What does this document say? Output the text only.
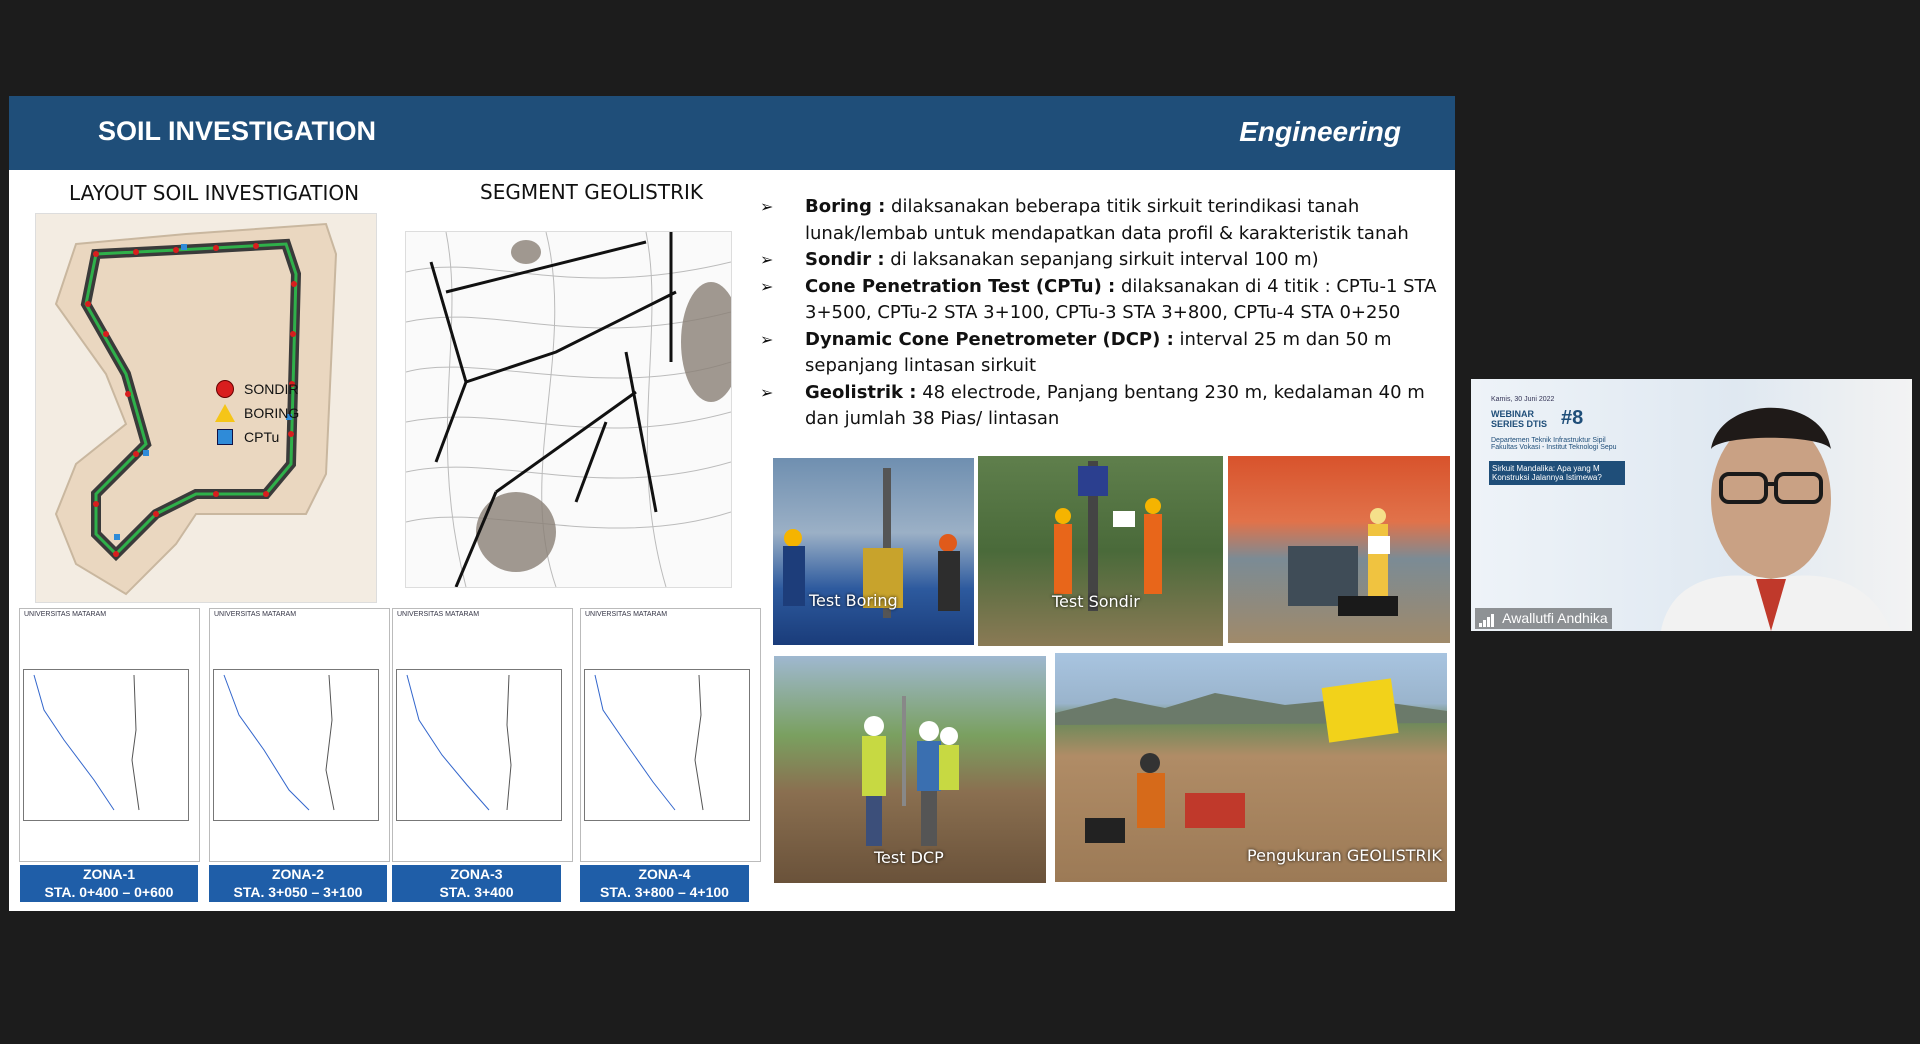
SOIL INVESTIGATION	Engineering
LAYOUT SOIL INVESTIGATION
SONDIR
BORING
CPTu
SEGMENT GEOLISTRIK
➢	Boring : dilaksanakan beberapa titik sirkuit terindikasi tanah lunak/lembab untuk mendapatkan data profil & karakteristik tanah
➢	Sondir : di laksanakan sepanjang sirkuit interval 100 m)
➢	Cone Penetration Test (CPTu) : dilaksanakan di 4 titik : CPTu-1 STA 3+500, CPTu-2 STA 3+100, CPTu-3 STA 3+800, CPTu-4 STA 0+250
➢	Dynamic Cone Penetrometer (DCP) : interval 25 m dan 50 m sepanjang lintasan sirkuit
➢	Geolistrik : 48 electrode, Panjang bentang 230 m, kedalaman 40 m dan jumlah 38 Pias/ lintasan
Test Boring	Test Sondir
Test DCP	Pengukuran GEOLISTRIK
UNIVERSITAS MATARAM	UNIVERSITAS MATARAM	UNIVERSITAS MATARAM	UNIVERSITAS MATARAM
ZONA-1
STA. 0+400 – 0+600
ZONA-2
STA. 3+050 – 3+100
ZONA-3
STA. 3+400
ZONA-4
STA. 3+800 – 4+100
Kamis, 30 Juni 2022
WEBINAR SERIES DTIS #8
Departemen Teknik Infrastruktur Sipil Fakultas Vokasi - Institut Teknologi Sepu
Sirkuit Mandalika: Apa yang M Konstruksi Jalannya Istimewa?
Awallutfi Andhika
